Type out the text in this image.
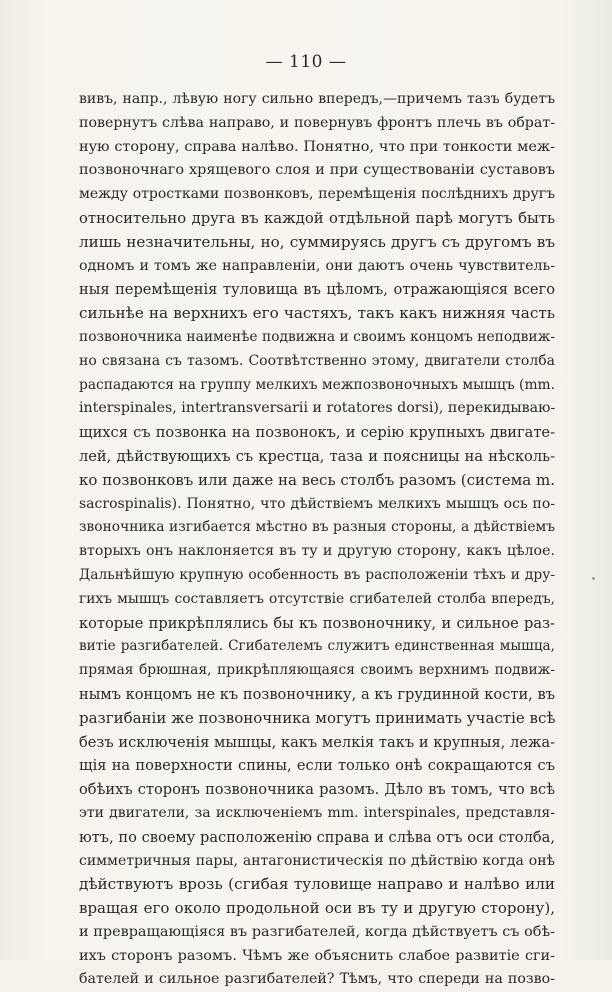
— 110 —
вивъ, напр., лѣвую ногу сильно впередъ,—причемъ тазъ будетъ
повернутъ слѣва направо, и повернувъ фронтъ плечь въ обрат-
ную сторону, справа налѣво. Понятно, что при тонкости меж-
позвоночнаго хрящевого слоя и при существованіи суставовъ
между отростками позвонковъ, перемѣщенія послѣднихъ другъ
относительно друга въ каждой отдѣльной парѣ могутъ быть
лишь незначительны, но, суммируясь другъ съ другомъ въ
одномъ и томъ же направленіи, они даютъ очень чувствитель-
ныя перемѣщенія туловища въ цѣломъ, отражающіяся всего
сильнѣе на верхнихъ его частяхъ, такъ какъ нижняя часть
позвоночника наименѣе подвижна и своимъ концомъ неподвиж-
но связана съ тазомъ. Соотвѣтственно этому, двигатели столба
распадаются на группу мелкихъ межпозвоночныхъ мышцъ (mm.
interspinales, intertransversarii и rotatores dorsi), перекидываю-
щихся съ позвонка на позвонокъ, и серію крупныхъ двигате-
лей, дѣйствующихъ съ крестца, таза и поясницы на нѣсколь-
ко позвонковъ или даже на весь столбъ разомъ (система m.
sacrospinalis). Понятно, что дѣйствіемъ мелкихъ мышцъ ось по-
звоночника изгибается мѣстно въ разныя стороны, а дѣйствіемъ
вторыхъ онъ наклоняется въ ту и другую сторону, какъ цѣлое.
Дальнѣйшую крупную особенность въ расположеніи тѣхъ и дру-
гихъ мышцъ составляетъ отсутствіе сгибателей столба впередъ,
которые прикрѣплялись бы къ позвоночнику, и сильное раз-
витіе разгибателей. Сгибателемъ служитъ единственная мышца,
прямая брюшная, прикрѣпляющаяся своимъ верхнимъ подвиж-
нымъ концомъ не къ позвоночнику, а къ грудинной кости, въ
разгибаніи же позвоночника могутъ принимать участіе всѣ
безъ исключенія мышцы, какъ мелкія такъ и крупныя, лежа-
щія на поверхности спины, если только онѣ сокращаются съ
обѣихъ сторонъ позвоночника разомъ. Дѣло въ томъ, что всѣ
эти двигатели, за исключеніемъ mm. interspinales, представля-
ютъ, по своему расположенію справа и слѣва отъ оси столба,
симметричныя пары, антагонистическія по дѣйствію когда онѣ
дѣйствуютъ врозь (сгибая туловище направо и налѣво или
вращая его около продольной оси въ ту и другую сторону),
и превращающіяся въ разгибателей, когда дѣйствуетъ съ обѣ-
ихъ сторонъ разомъ. Чѣмъ же объяснить слабое развитіе сги-
бателей и сильное разгибателей? Тѣмъ, что спереди на позво-
